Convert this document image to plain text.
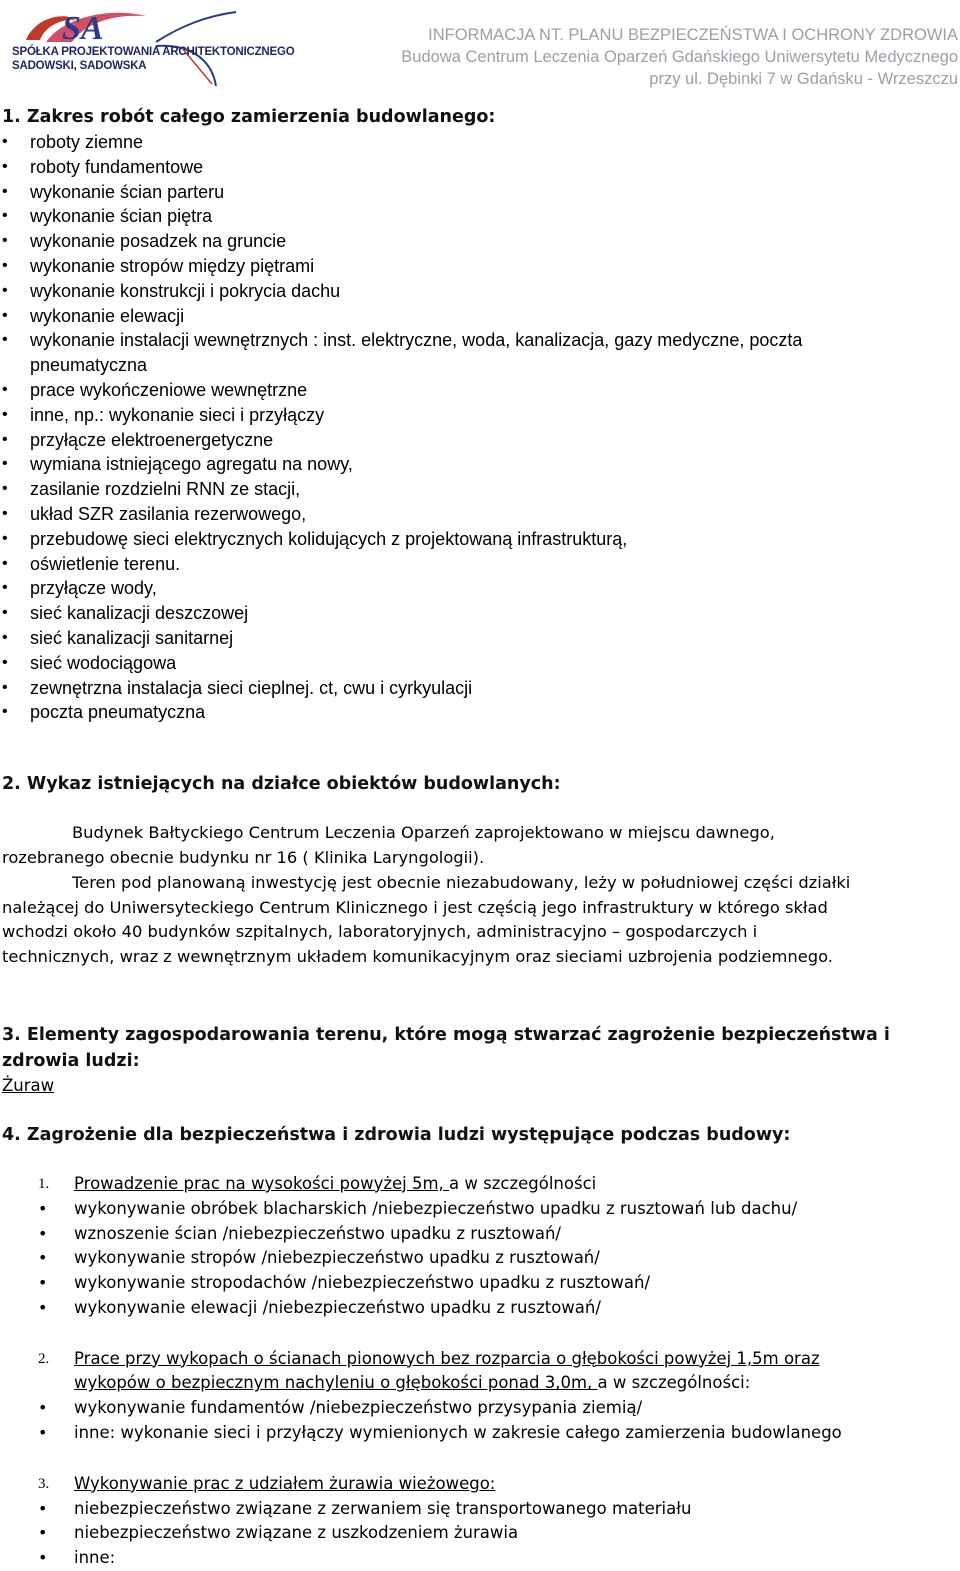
SA
SPÓŁKA PROJEKTOWANIA ARCHITEKTONICZNEGO
SADOWSKI, SADOWSKA
INFORMACJA NT. PLANU BEZPIECZEŃSTWA I OCHRONY ZDROWIA
Budowa Centrum Leczenia Oparzeń Gdańskiego Uniwersytetu Medycznego
przy ul. Dębinki 7 w Gdańsku - Wrzeszczu

1. Zakres robót całego zamierzenia budowlanego:

• roboty ziemne
• roboty fundamentowe
• wykonanie ścian parteru
• wykonanie ścian piętra
• wykonanie posadzek na gruncie
• wykonanie stropów między piętrami
• wykonanie konstrukcji i pokrycia dachu
• wykonanie elewacji
• wykonanie instalacji wewnętrznych : inst. elektryczne, woda, kanalizacja, gazy medyczne, poczta
pneumatyczna
• prace wykończeniowe wewnętrzne
• inne, np.: wykonanie sieci i przyłączy
• przyłącze elektroenergetyczne
• wymiana istniejącego agregatu na nowy,
• zasilanie rozdzielni RNN ze stacji,
• układ SZR zasilania rezerwowego,
• przebudowę sieci elektrycznych kolidujących z projektowaną infrastrukturą,
• oświetlenie terenu.
• przyłącze wody,
• sieć kanalizacji deszczowej
• sieć kanalizacji sanitarnej
• sieć wodociągowa
• zewnętrzna instalacja sieci cieplnej. ct, cwu i cyrkyulacji
• poczta pneumatyczna

2. Wykaz istniejących na działce obiektów budowlanych:

Budynek Bałtyckiego Centrum Leczenia Oparzeń zaprojektowano w miejscu dawnego,

rozebranego obecnie budynku nr 16 ( Klinika Laryngologii).

Teren pod planowaną inwestycję jest obecnie niezabudowany, leży w południowej części działki

należącej do Uniwersyteckiego Centrum Klinicznego i jest częścią jego infrastruktury w którego skład

wchodzi około 40 budynków szpitalnych, laboratoryjnych, administracyjno – gospodarczych i

technicznych, wraz z wewnętrznym układem komunikacyjnym oraz sieciami uzbrojenia podziemnego.

3. Elementy zagospodarowania terenu, które mogą stwarzać zagrożenie bezpieczeństwa i

zdrowia ludzi:

Żuraw

4. Zagrożenie dla bezpieczeństwa i zdrowia ludzi występujące podczas budowy:

1. Prowadzenie prac na wysokości powyżej 5m, a w szczególności
• wykonywanie obróbek blacharskich /niebezpieczeństwo upadku z rusztowań lub dachu/
• wznoszenie ścian /niebezpieczeństwo upadku z rusztowań/
• wykonywanie stropów /niebezpieczeństwo upadku z rusztowań/
• wykonywanie stropodachów /niebezpieczeństwo upadku z rusztowań/
• wykonywanie elewacji /niebezpieczeństwo upadku z rusztowań/
2. Prace przy wykopach o ścianach pionowych bez rozparcia o głębokości powyżej 1,5m oraz
wykopów o bezpiecznym nachyleniu o głębokości ponad 3,0m, a w szczególności:
• wykonywanie fundamentów /niebezpieczeństwo przysypania ziemią/
• inne: wykonanie sieci i przyłączy wymienionych w zakresie całego zamierzenia budowlanego
3. Wykonywanie prac z udziałem żurawia wieżowego:
• niebezpieczeństwo związane z zerwaniem się transportowanego materiału
• niebezpieczeństwo związane z uszkodzeniem żurawia
• inne:
